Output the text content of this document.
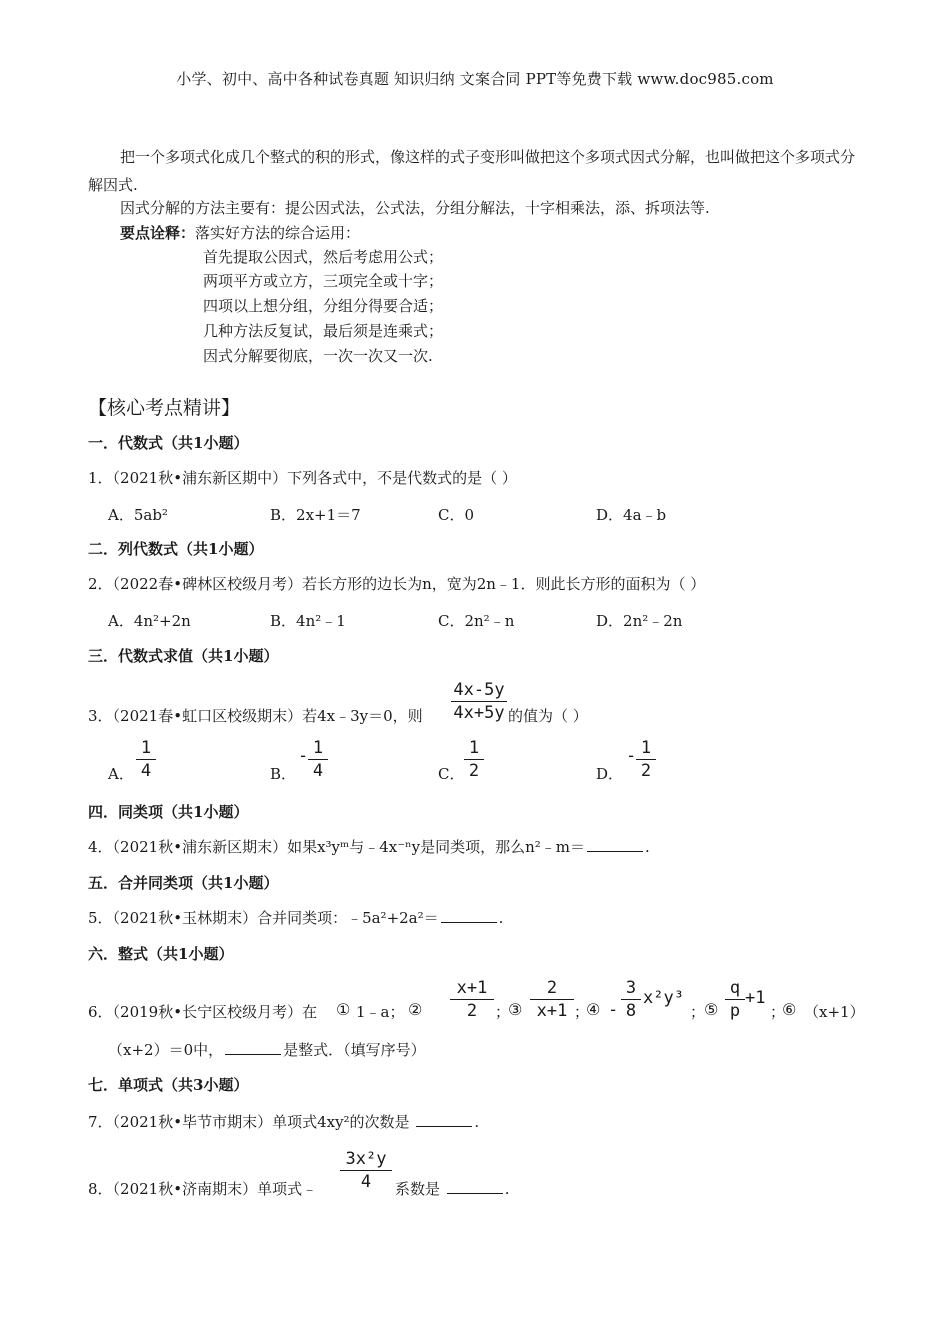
小学、初中、高中各种试卷真题 知识归纳 文案合同 PPT等免费下载 www.doc985.com
把一个多项式化成几个整式的积的形式，像这样的式子变形叫做把这个多项式因式分解，也叫做把这个多项式分解因式.
因式分解的方法主要有：提公因式法，公式法，分组分解法，十字相乘法，添、拆项法等.
要点诠释：落实好方法的综合运用：
首先提取公因式，然后考虑用公式；
两项平方或立方，三项完全或十字；
四项以上想分组，分组分得要合适；
几种方法反复试，最后须是连乘式；
因式分解要彻底，一次一次又一次.
【核心考点精讲】
一．代数式（共1小题）
1．（2021秋•浦东新区期中）下列各式中，不是代数式的是（ ）
A．5ab²	B．2x+1＝7	C．0	D．4a﹣b
二．列代数式（共1小题）
2．（2022春•碑林区校级月考）若长方形的边长为n，宽为2n﹣1．则此长方形的面积为（ ）
A．4n²+2n	B．4n²﹣1	C．2n²﹣n	D．2n²﹣2n
三．代数式求值（共1小题）
3．（2021春•虹口区校级期末）若4x﹣3y＝0，则
4x-5y
4x+5y 的值为（ ）
A．
1
4	B．
- 1
4	C．
1
2	D．
- 1
2
四．同类项（共1小题）
4．（2021秋•浦东新区期末）如果x³yᵐ与﹣4x⁻ⁿy是同类项，那么n²﹣m＝	.
五．合并同类项（共1小题）
5．（2021秋•玉林期末）合并同类项：﹣5a²+2a²＝	.
六．整式（共1小题）
6．（2019秋•长宁区校级月考）在 ① 1﹣a； ②
x+1
2	；
③
2
x+1 ；
④ -
3
8
x²y³
；
⑤
q
p
+1
；
⑥ （x+1）
（x+2）＝0中，	是整式．（填写序号）
七．单项式（共3小题）
7．（2021秋•毕节市期末）单项式4xy²的次数是	.
8．（2021秋•济南期末）单项式﹣
3x²y
4	系数是	.
